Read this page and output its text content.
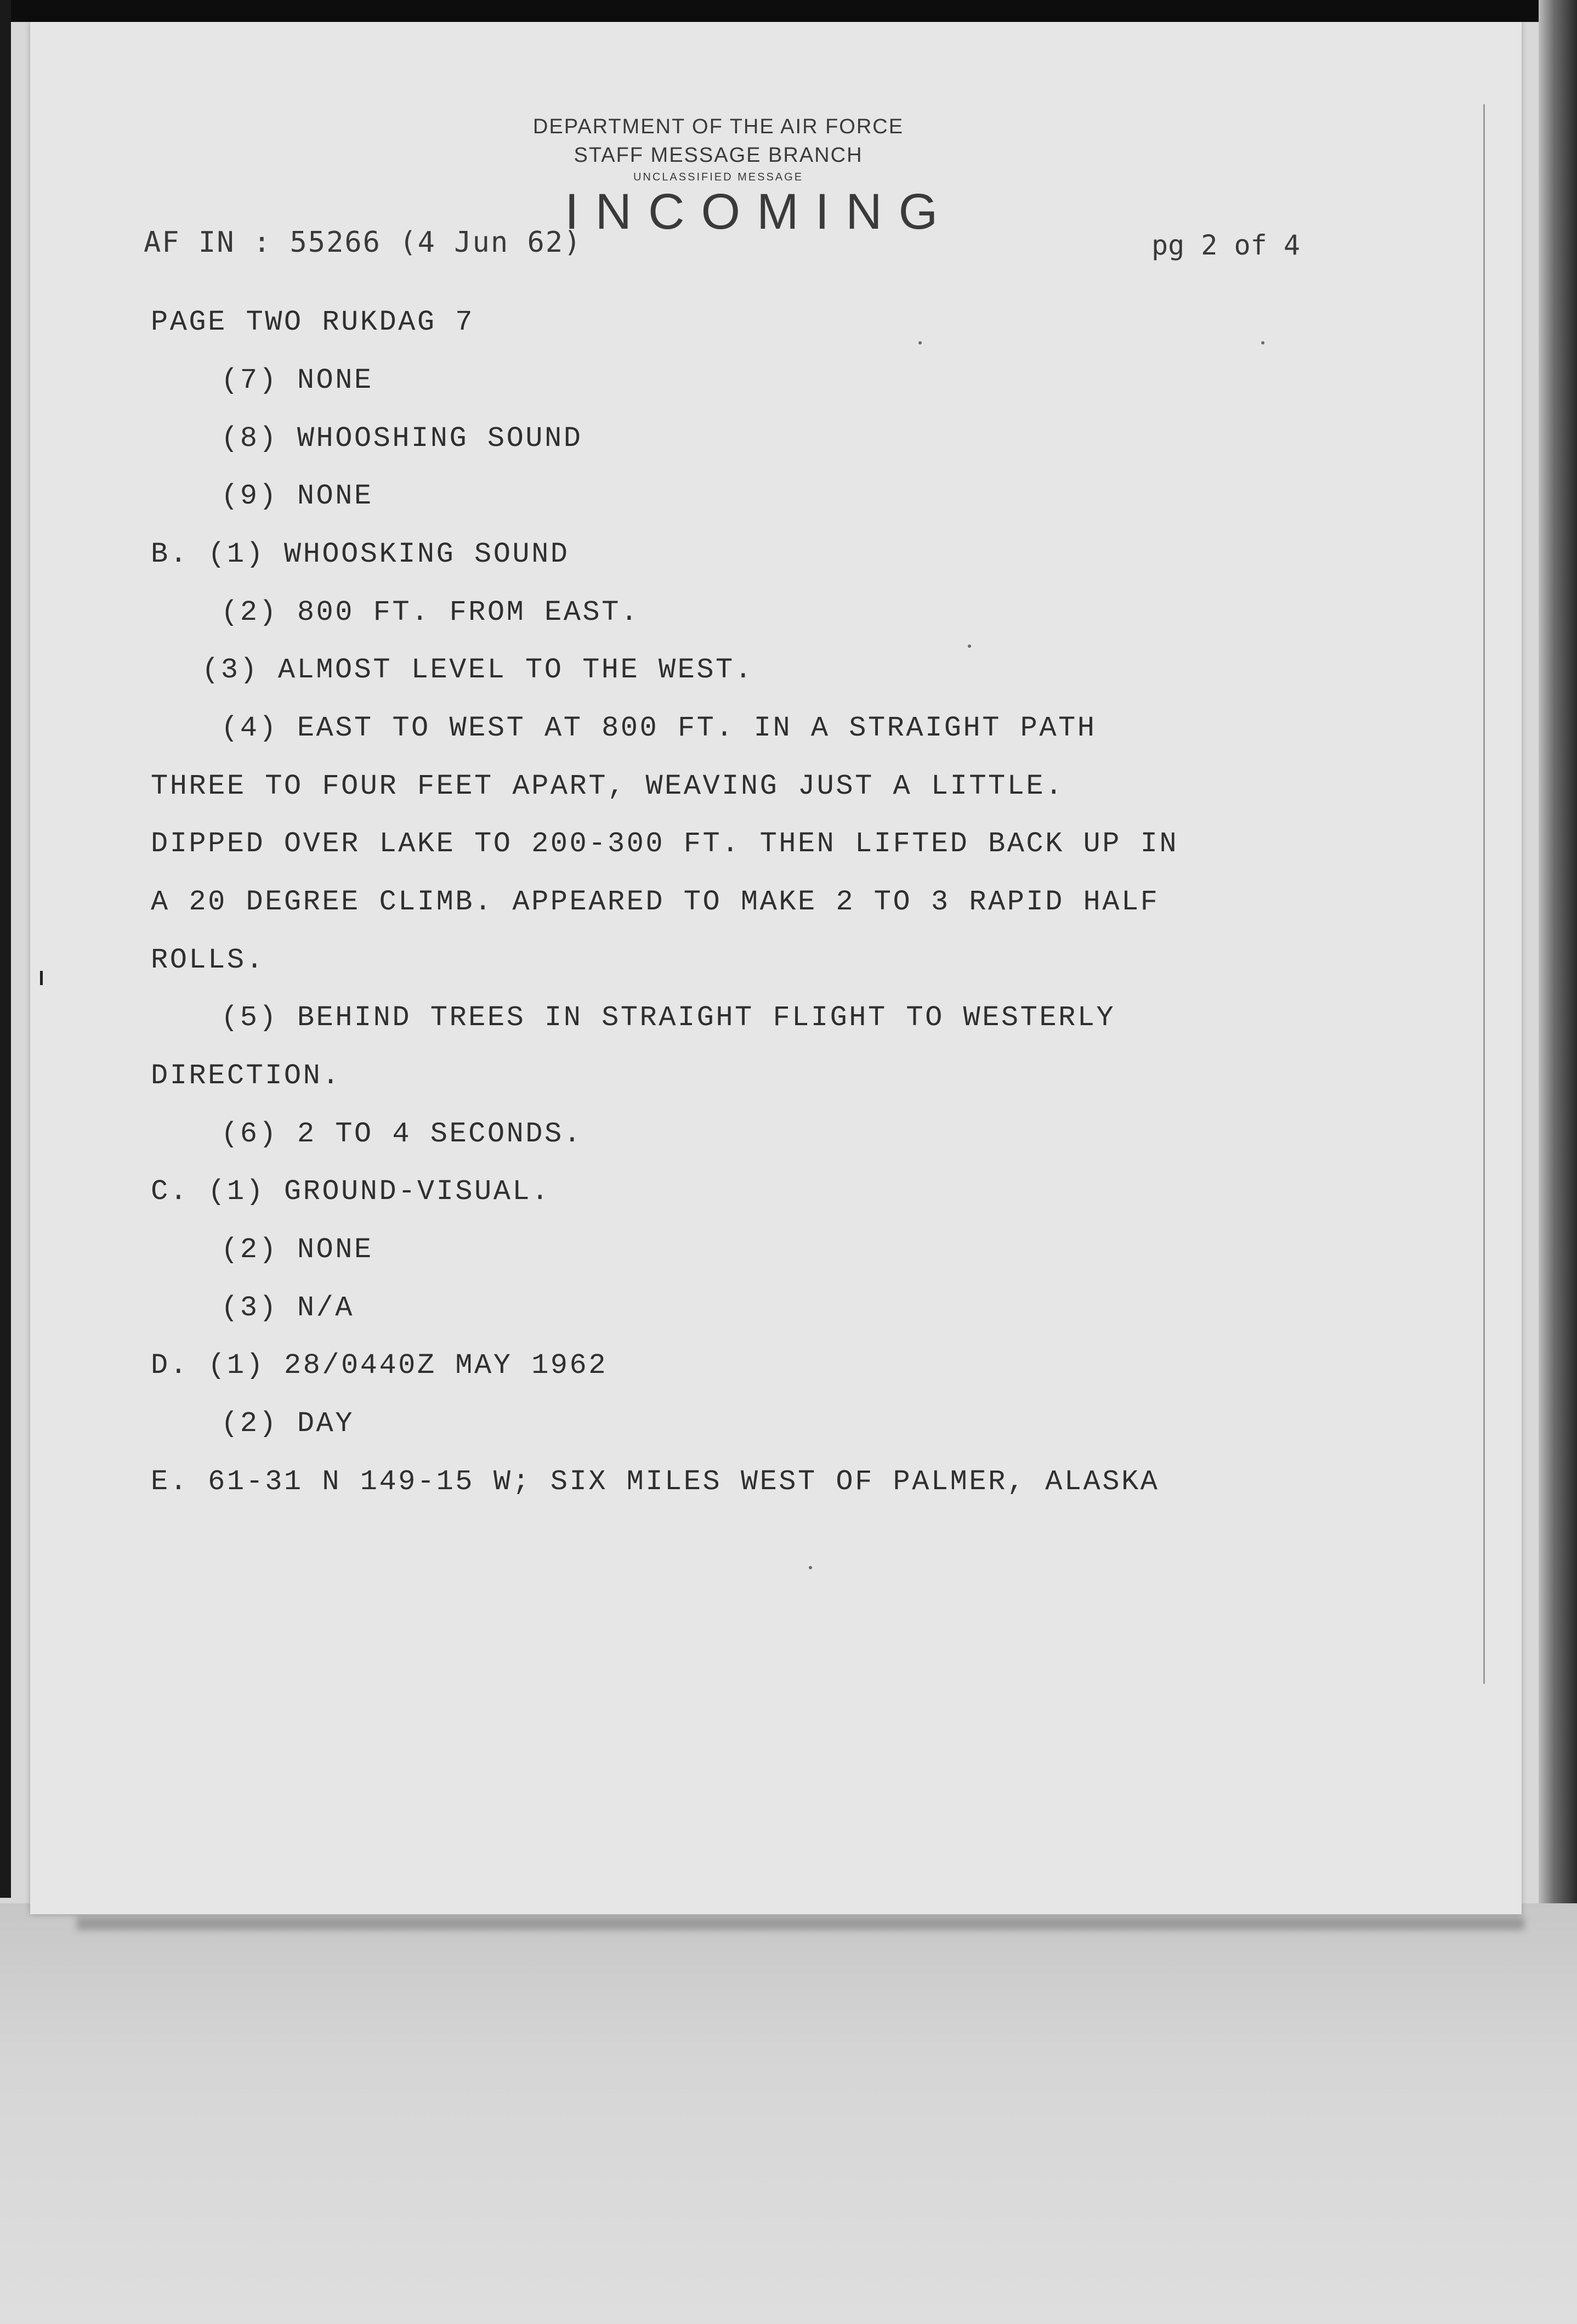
DEPARTMENT OF THE AIR FORCE
STAFF MESSAGE BRANCH
UNCLASSIFIED MESSAGE
INCOMING
AF IN : 55266 (4 Jun 62)	pg 2 of 4
PAGE TWO RUKDAG 7
(7) NONE
(8) WHOOSHING SOUND
(9) NONE
B. (1) WHOOSKING SOUND
(2) 800 FT. FROM EAST.
(3) ALMOST LEVEL TO THE WEST.
(4) EAST TO WEST AT 800 FT. IN A STRAIGHT PATH
THREE TO FOUR FEET APART, WEAVING JUST A LITTLE.
DIPPED OVER LAKE TO 200-300 FT. THEN LIFTED BACK UP IN
A 20 DEGREE CLIMB. APPEARED TO MAKE 2 TO 3 RAPID HALF
ROLLS.
(5) BEHIND TREES IN STRAIGHT FLIGHT TO WESTERLY
DIRECTION.
(6) 2 TO 4 SECONDS.
C. (1) GROUND-VISUAL.
(2) NONE
(3) N/A
D. (1) 28/0440Z MAY 1962
(2) DAY
E. 61-31 N 149-15 W; SIX MILES WEST OF PALMER, ALASKA
